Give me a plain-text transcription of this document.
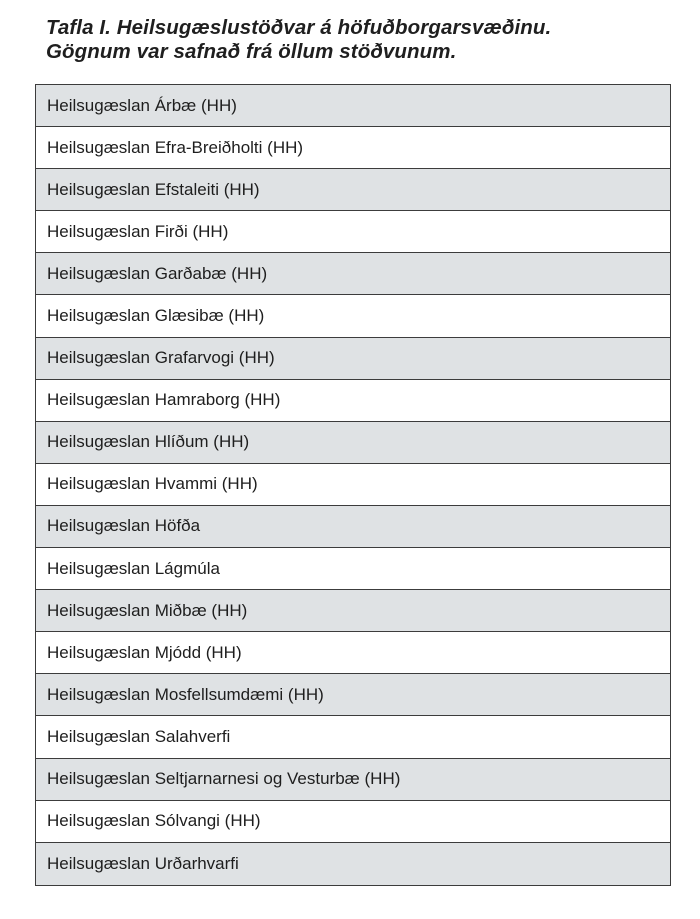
Tafla I. Heilsugæslustöðvar á höfuðborgarsvæðinu.
Gögnum var safnað frá öllum stöðvunum.
Heilsugæslan Árbæ (HH)
Heilsugæslan Efra-Breiðholti (HH)
Heilsugæslan Efstaleiti (HH)
Heilsugæslan Firði (HH)
Heilsugæslan Garðabæ (HH)
Heilsugæslan Glæsibæ (HH)
Heilsugæslan Grafarvogi (HH)
Heilsugæslan Hamraborg (HH)
Heilsugæslan Hlíðum (HH)
Heilsugæslan Hvammi (HH)
Heilsugæslan Höfða
Heilsugæslan Lágmúla
Heilsugæslan Miðbæ (HH)
Heilsugæslan Mjódd (HH)
Heilsugæslan Mosfellsumdæmi (HH)
Heilsugæslan Salahverfi
Heilsugæslan Seltjarnarnesi og Vesturbæ (HH)
Heilsugæslan Sólvangi (HH)
Heilsugæslan Urðarhvarfi
